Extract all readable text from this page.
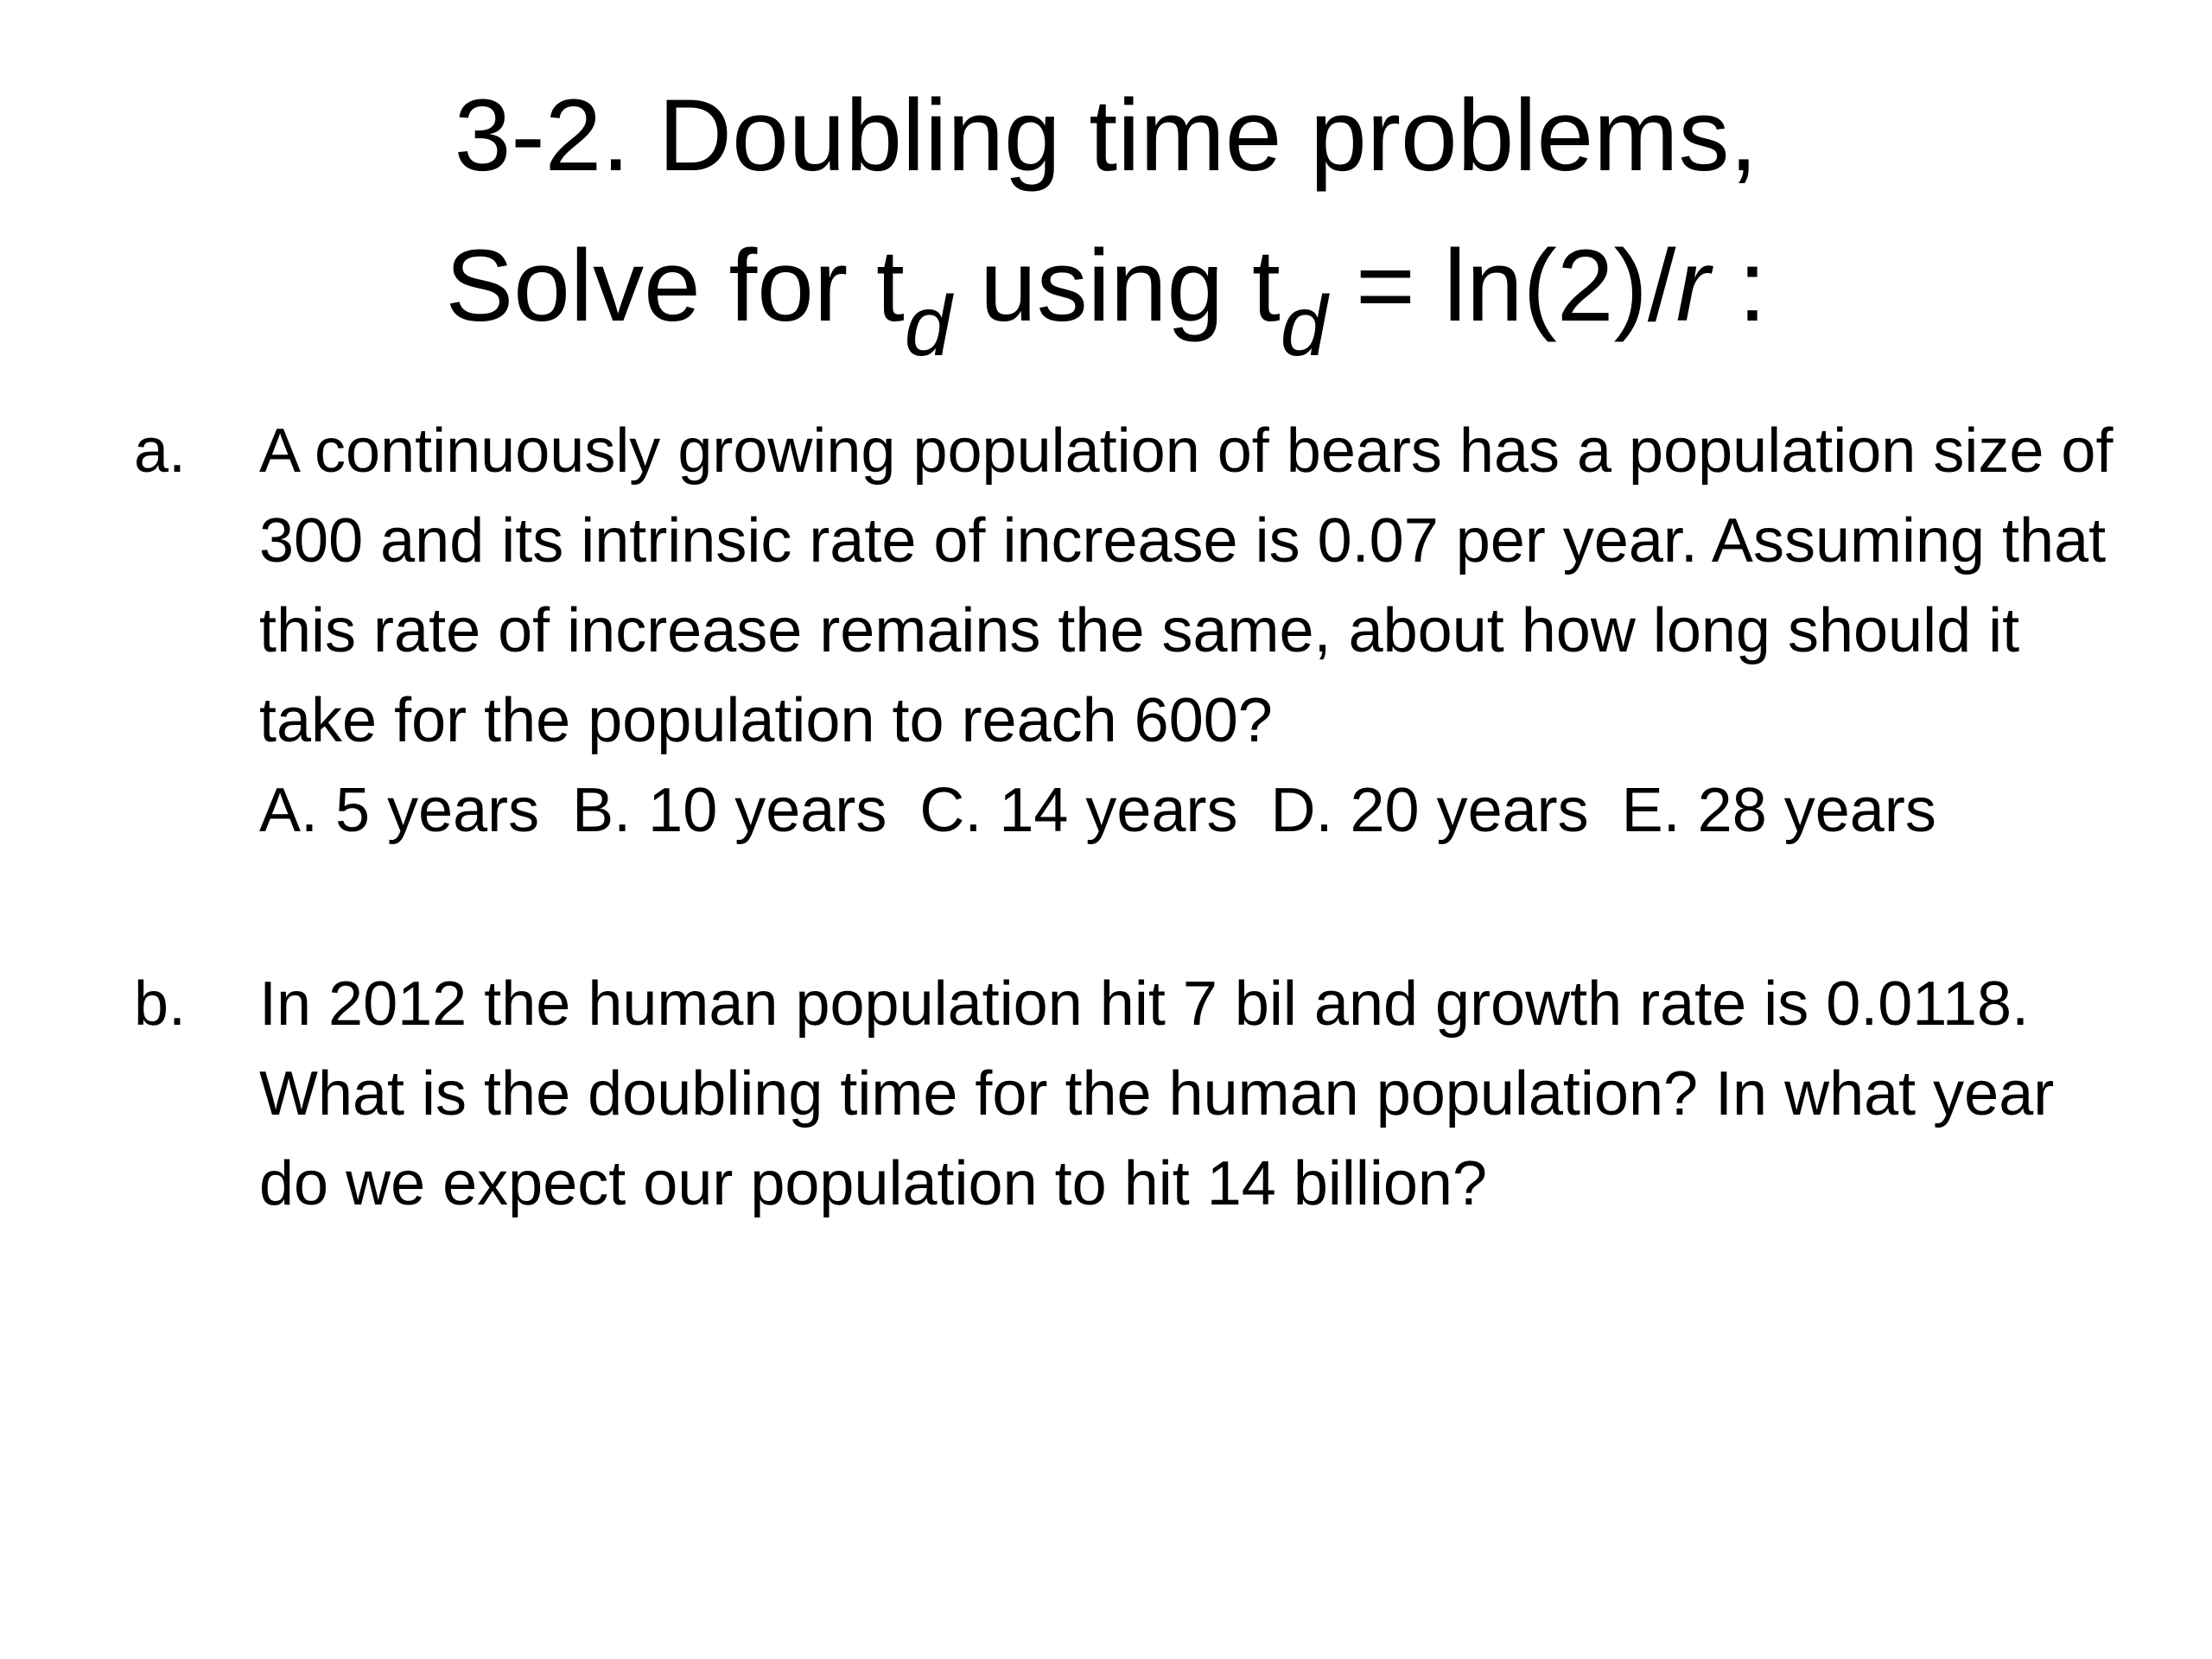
3-2. Doubling time problems,
Solve for $t_d$ using $t_d = \ln(2)/r$ :
a. A continuously growing population of bears has a population size of 300 and its intrinsic rate of increase is 0.07 per year. Assuming that this rate of increase remains the same, about how long should it take for the population to reach 600?
A. 5 years B. 10 years C. 14 years D. 20 years E. 28 years
b. In 2012 the human population hit 7 bil and growth rate is 0.0118. What is the doubling time for the human population? In what year do we expect our population to hit 14 billion?
